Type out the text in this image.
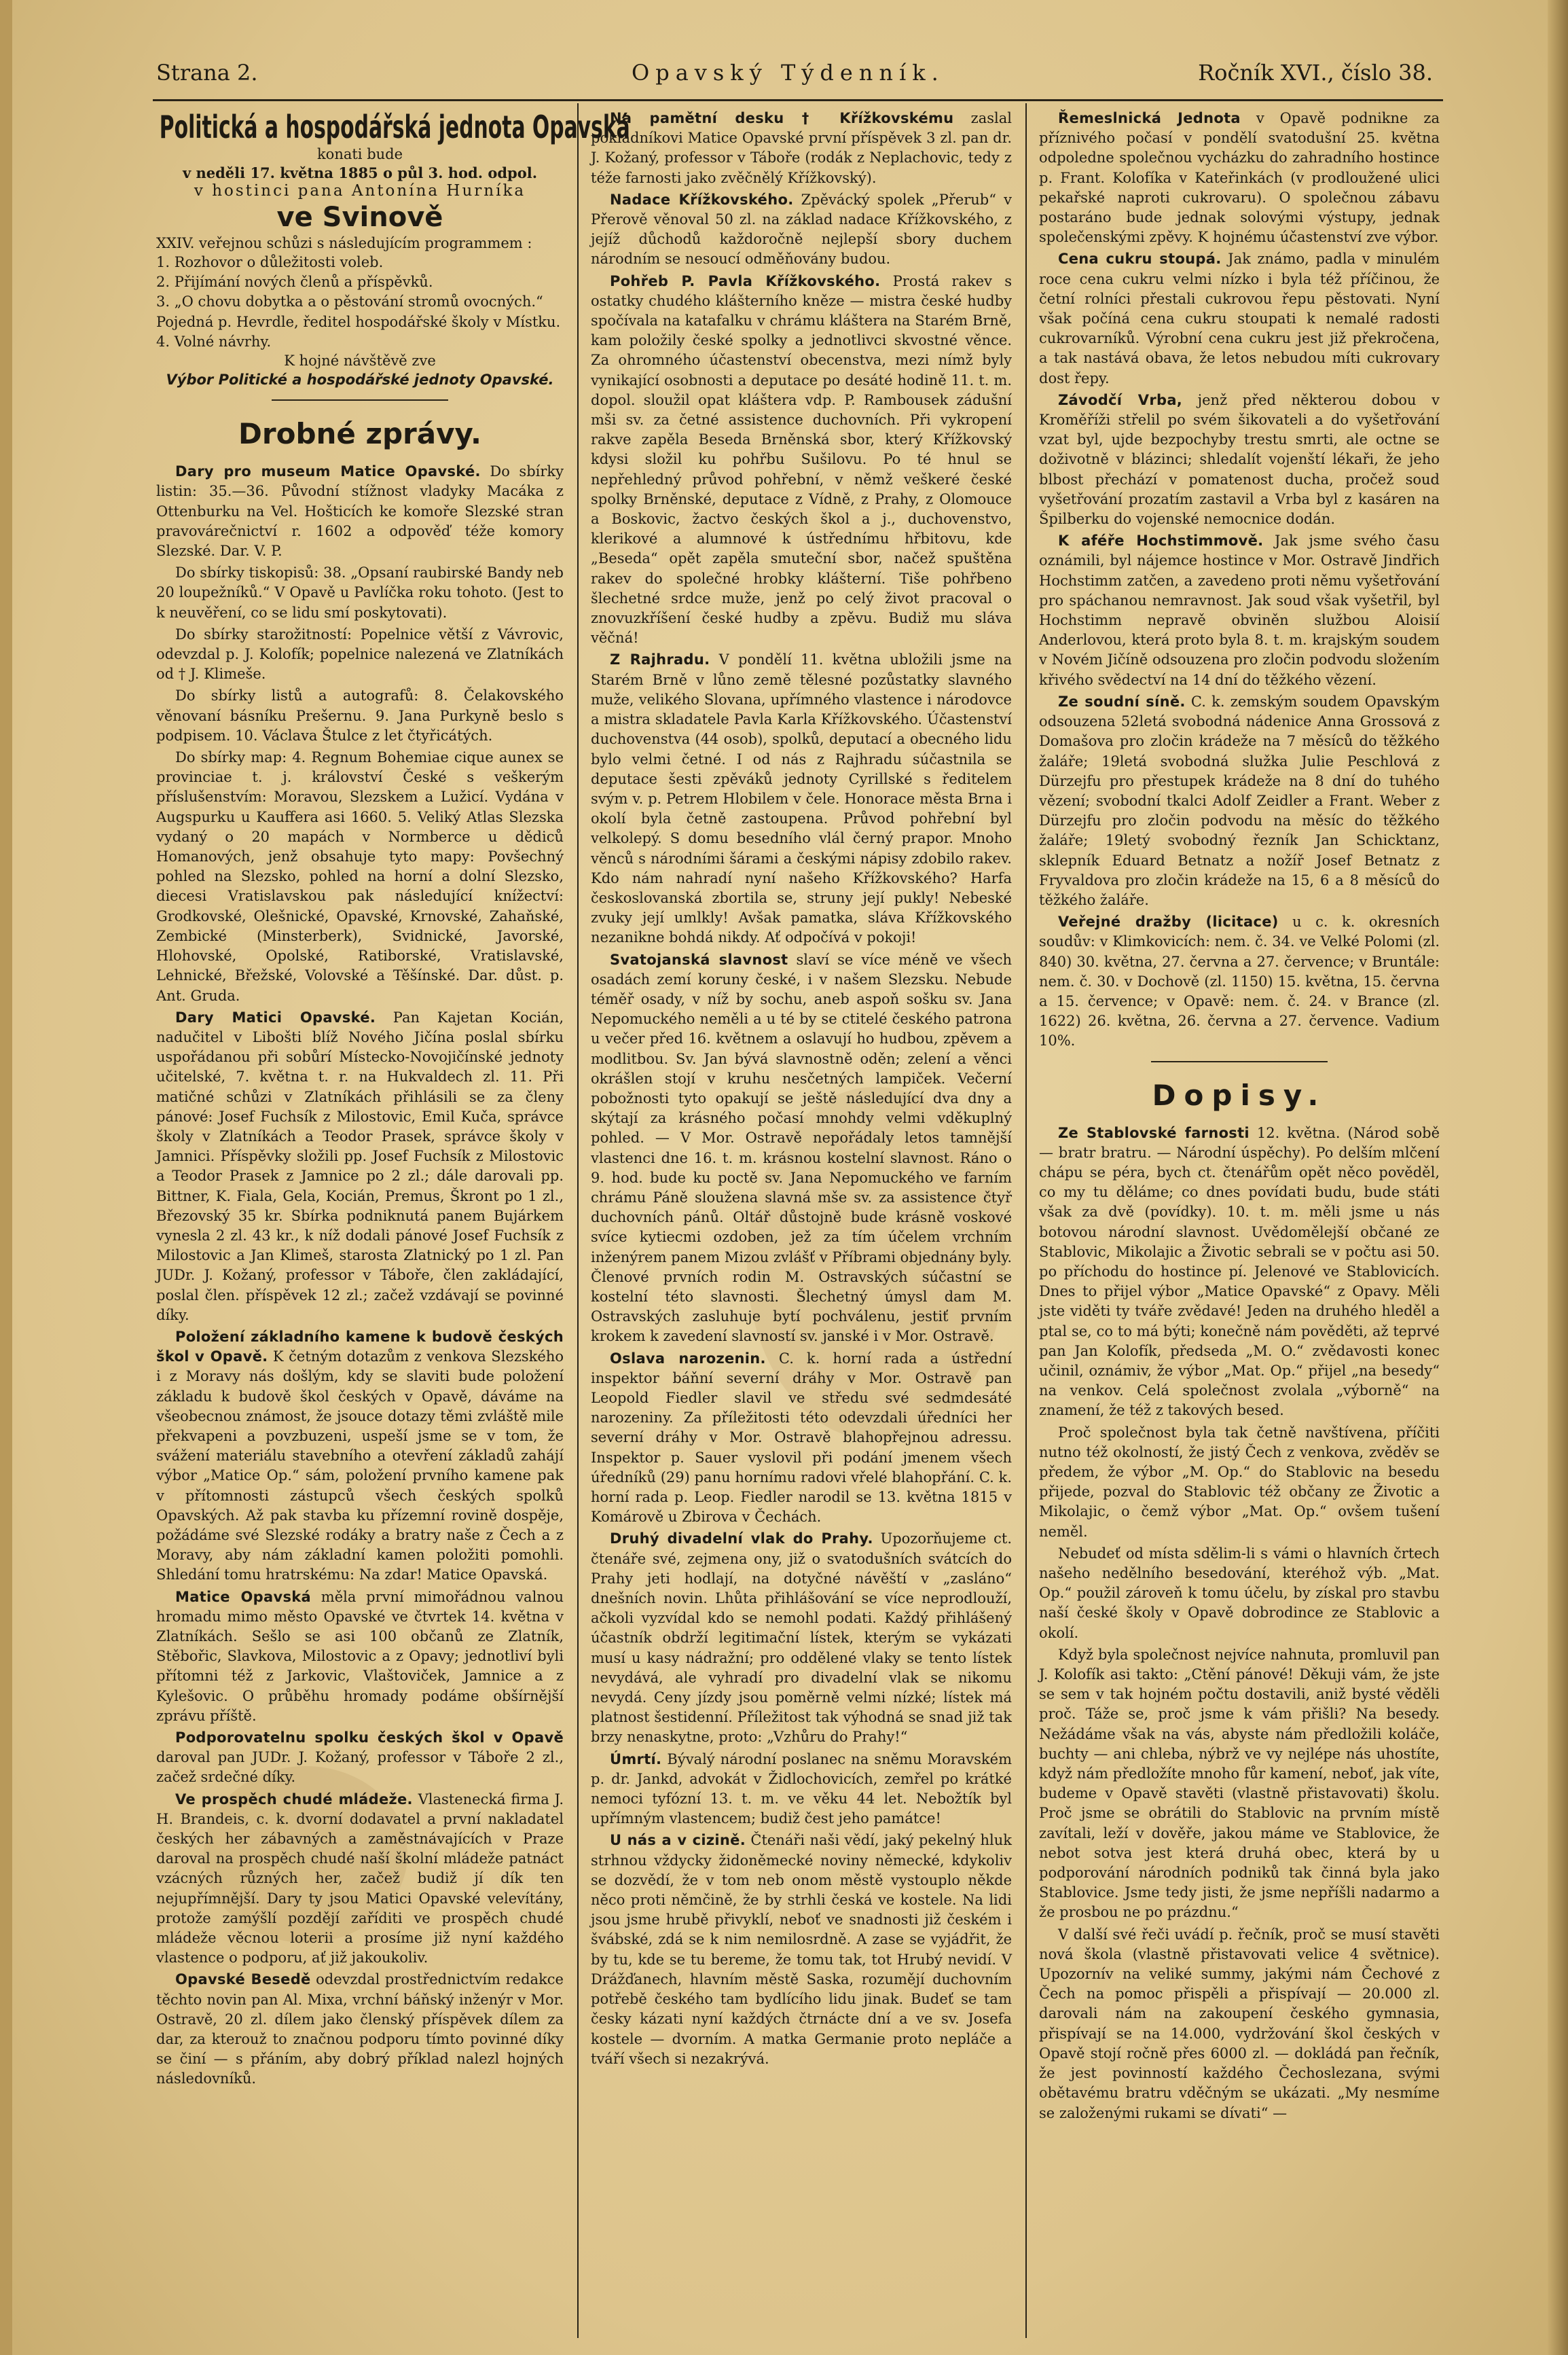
Strana 2.	Opavský Týdenník.	Ročník XVI., číslo 38.
Politická a hospodářská jednota Opavská
konati bude
v neděli 17. května 1885 o půl 3. hod. odpol.
v hostinci pana Antonína Hurníka
ve Svinově
XXIV. veřejnou schůzi s následujícím programmem :

1. Rozhovor o důležitosti voleb.

2. Přijímání nových členů a příspěvků.

3. „O chovu dobytka a o pěstování stromů ovocných.“ Pojedná p. Hevrdle, ředitel hospodářské školy v Místku.

4. Volné návrhy.

K hojné návštěvě zve
Výbor Politické a hospodářské jednoty Opavské.
Drobné zprávy.

Dary pro museum Matice Opavské. Do sbírky listin: 35.—36. Původní stížnost vladyky Macáka z Ottenburku na Vel. Hošticích ke komoře Slezské stran pravovárečnictví r. 1602 a odpověď téže komory Slezské. Dar. V. P.

Do sbírky tiskopisů: 38. „Opsaní raubirské Bandy neb 20 loupežníků.“ V Opavě u Pavlíčka roku tohoto. (Jest to k neuvěření, co se lidu smí poskytovati).

Do sbírky starožitností: Popelnice větší z Vávrovic, odevzdal p. J. Kolofík; popelnice nalezená ve Zlatníkách od † J. Klimeše.

Do sbírky listů a autografů: 8. Čelakovského věnovaní básníku Prešernu. 9. Jana Purkyně beslo s podpisem. 10. Václava Štulce z let čtyřicátých.

Do sbírky map: 4. Regnum Bohemiae cique aunex se provinciae t. j. království České s veškerým příslušenstvím: Moravou, Slezskem a Lužicí. Vydána v Augspurku u Kauffera asi 1660. 5. Veliký Atlas Slezska vydaný o 20 mapách v Normberce u dědiců Homanových, jenž obsahuje tyto mapy: Povšechný pohled na Slezsko, pohled na horní a dolní Slezsko, diecesi Vratislavskou pak následující knížectví: Grodkovské, Olešnické, Opavské, Krnovské, Zahaňské, Zembické (Minsterberk), Svidnické, Javorské, Hlohovské, Opolské, Ratiborské, Vratislavské, Lehnické, Břežské, Volovské a Těšínské. Dar. důst. p. Ant. Gruda.

Dary Matici Opavské. Pan Kajetan Kocián, nadučitel v Libošti blíž Nového Jičína poslal sbírku uspořádanou při sobůrí Místecko-Novojičínské jednoty učitelské, 7. května t. r. na Hukvaldech zl. 11. Při matičné schůzi v Zlatníkách přihlásili se za členy pánové: Josef Fuchsík z Milostovic, Emil Kuča, správce školy v Zlatníkách a Teodor Prasek, správce školy v Jamnici. Příspěvky složili pp. Josef Fuchsík z Milostovic a Teodor Prasek z Jamnice po 2 zl.; dále darovali pp. Bittner, K. Fiala, Gela, Kocián, Premus, Škront po 1 zl., Březovský 35 kr. Sbírka podniknutá panem Bujárkem vynesla 2 zl. 43 kr., k níž dodali pánové Josef Fuchsík z Milostovic a Jan Klimeš, starosta Zlatnický po 1 zl. Pan JUDr. J. Kožaný, professor v Táboře, člen zakládající, poslal člen. příspěvek 12 zl.; začež vzdávají se povinné díky.

Položení základního kamene k budově českých škol v Opavě. K četným dotazům z venkova Slezského i z Moravy nás došlým, kdy se slaviti bude položení základu k budově škol českých v Opavě, dáváme na všeobecnou známost, že jsouce dotazy těmi zvláště mile překvapeni a povzbuzeni, uspeší jsme se v tom, že svážení materiálu stavebního a otevření základů zahájí výbor „Matice Op.“ sám, položení prvního kamene pak v přítomnosti zástupců všech českých spolků Opavských. Až pak stavba ku přízemní rovině dospěje, požádáme své Slezské rodáky a bratry naše z Čech a z Moravy, aby nám základní kamen položiti pomohli. Shledání tomu hratrskému: Na zdar! Matice Opavská.

Matice Opavská měla první mimořádnou valnou hromadu mimo město Opavské ve čtvrtek 14. května v Zlatníkách. Sešlo se asi 100 občanů ze Zlatník, Stěbořic, Slavkova, Milostovic a z Opavy; jednotliví byli přítomni též z Jarkovic, Vlaštoviček, Jamnice a z Kylešovic. O průběhu hromady podáme obšírnější zprávu příště.

Podporovatelnu spolku českých škol v Opavě daroval pan JUDr. J. Kožaný, professor v Táboře 2 zl., začež srdečné díky.

Ve prospěch chudé mládeže. Vlastenecká firma J. H. Brandeis, c. k. dvorní dodavatel a první nakladatel českých her zábavných a zaměstnávajících v Praze daroval na prospěch chudé naší školní mládeže patnáct vzácných různých her, začež budiž jí dík ten nejupřímnější. Dary ty jsou Matici Opavské velevítány, protože zamýšlí pozdějí zaříditi ve prospěch chudé mládeže věcnou loterii a prosíme již nyní každého vlastence o podporu, ať již jakoukoliv.

Opavské Besedě odevzdal prostřednictvím redakce těchto novin pan Al. Mixa, vrchní báňský inženýr v Mor. Ostravě, 20 zl. dílem jako členský příspěvek dílem za dar, za kterouž to značnou podporu tímto povinné díky se činí — s přáním, aby dobrý příklad nalezl hojných následovníků.

Na pamětní desku † Křížkovskému zaslal pokladníkovi Matice Opavské první příspěvek 3 zl. pan dr. J. Kožaný, professor v Táboře (rodák z Neplachovic, tedy z téže farnosti jako zvěčnělý Křížkovský).

Nadace Křížkovského. Zpěvácký spolek „Přerub“ v Přerově věnoval 50 zl. na základ nadace Křížkovského, z jejíž důchodů každoročně nejlepší sbory duchem národním se nesoucí odměňovány budou.

Pohřeb P. Pavla Křížkovského. Prostá rakev s ostatky chudého klášterního kněze — mistra české hudby spočívala na katafalku v chrámu kláštera na Starém Brně, kam položily české spolky a jednotlivci skvostné věnce. Za ohromného účastenství obecenstva, mezi nímž byly vynikající osobnosti a deputace po desáté hodině 11. t. m. dopol. sloužil opat kláštera vdp. P. Rambousek zádušní mši sv. za četné assistence duchovních. Při vykropení rakve zapěla Beseda Brněnská sbor, který Křížkovský kdysi složil ku pohřbu Sušilovu. Po té hnul se nepřehledný průvod pohřební, v němž veškeré české spolky Brněnské, deputace z Vídně, z Prahy, z Olomouce a Boskovic, žactvo českých škol a j., duchovenstvo, klerikové a alumnové k ústřednímu hřbitovu, kde „Beseda“ opět zapěla smuteční sbor, načež spuštěna rakev do společné hrobky klášterní. Tiše pohřbeno šlechetné srdce muže, jenž po celý život pracoval o znovuzkříšení české hudby a zpěvu. Budiž mu sláva věčná!

Z Rajhradu. V pondělí 11. května ubložili jsme na Starém Brně v lůno země tělesné pozůstatky slavného muže, velikého Slovana, upřímného vlastence i národovce a mistra skladatele Pavla Karla Křížkovského. Účastenství duchovenstva (44 osob), spolků, deputací a obecného lidu bylo velmi četné. I od nás z Rajhradu súčastnila se deputace šesti zpěváků jednoty Cyrillské s ředitelem svým v. p. Petrem Hlobilem v čele. Honorace města Brna i okolí byla četně zastoupena. Průvod pohřební byl velkolepý. S domu besedního vlál černý prapor. Mnoho věnců s národními šárami a českými nápisy zdobilo rakev. Kdo nám nahradí nyní našeho Křížkovského? Harfa českoslovanská zbortila se, struny její pukly! Nebeské zvuky její umlkly! Avšak pamatka, sláva Křížkovského nezanikne bohdá nikdy. Ať odpočívá v pokoji!

Svatojanská slavnost slaví se více méně ve všech osadách zemí koruny české, i v našem Slezsku. Nebude téměř osady, v níž by sochu, aneb aspoň sošku sv. Jana Nepomuckého neměli a u té by se ctitelé českého patrona u večer před 16. květnem a oslavují ho hudbou, zpěvem a modlitbou. Sv. Jan bývá slavnostně oděn; zelení a věnci okrášlen stojí v kruhu nesčetných lampiček. Večerní pobožnosti tyto opakují se ještě následující dva dny a skýtají za krásného počasí mnohdy velmi vděkuplný pohled. — V Mor. Ostravě nepořádaly letos tamnější vlastenci dne 16. t. m. krásnou kostelní slavnost. Ráno o 9. hod. bude ku poctě sv. Jana Nepomuckého ve farním chrámu Páně sloužena slavná mše sv. za assistence čtyř duchovních pánů. Oltář důstojně bude krásně voskové svíce kytiecmi ozdoben, jež za tím účelem vrchním inženýrem panem Mizou zvlášť v Příbrami objednány byly. Členové prvních rodin M. Ostravských súčastní se kostelní této slavnosti. Šlechetný úmysl dam M. Ostravských zasluhuje bytí pochválenu, jestiť prvním krokem k zavedení slavností sv. janské i v Mor. Ostravě.

Oslava narozenin. C. k. horní rada a ústřední inspektor báňní severní dráhy v Mor. Ostravě pan Leopold Fiedler slavil ve středu své sedmdesáté narozeniny. Za příležitosti této odevzdali úředníci her severní dráhy v Mor. Ostravě blahopřejnou adressu. Inspektor p. Sauer vyslovil při podání jmenem všech úředníků (29) panu hornímu radovi vřelé blahopřání. C. k. horní rada p. Leop. Fiedler narodil se 13. května 1815 v Komárově u Zbirova v Čechách.

Druhý divadelní vlak do Prahy. Upozorňujeme ct. čtenáře své, zejmena ony, již o svatodušních svátcích do Prahy jeti hodlají, na dotyčné návěští v „zasláno“ dnešních novin. Lhůta přihlášování se více neprodlouží, ačkoli vyzvídal kdo se nemohl podati. Každý přihlášený účastník obdrží legitimační lístek, kterým se vykázati musí u kasy nádražní; pro oddělené vlaky se tento lístek nevydává, ale vyhradí pro divadelní vlak se nikomu nevydá. Ceny jízdy jsou poměrně velmi nízké; lístek má platnost šestidenní. Příležitost tak výhodná se snad již tak brzy nenaskytne, proto: „Vzhůru do Prahy!“

Úmrtí. Bývalý národní poslanec na sněmu Moravském p. dr. Jankd, advokát v Židlochovicích, zemřel po krátké nemoci tyfózní 13. t. m. ve věku 44 let. Nebožtík byl upřímným vlastencem; budiž čest jeho památce!

U nás a v cizině. Čtenáři naši vědí, jaký pekelný hluk strhnou vždycky židoněmecké noviny německé, kdykoliv se dozvědí, že v tom neb onom městě vystouplo někde něco proti němčině, že by strhli česká ve kostele. Na lidi jsou jsme hrubě přivyklí, neboť ve snadnosti již českém i švábské, zdá se k nim nemilosrdně. A zase se vyjádřit, že by tu, kde se tu bereme, že tomu tak, tot Hrubý nevidí. V Drážďanech, hlavním městě Saska, rozumějí duchovním potřebě českého tam bydlícího lidu jinak. Budeť se tam česky kázati nyní každých čtrnácte dní a ve sv. Josefa kostele — dvorním. A matka Germanie proto nepláče a tváří všech si nezakrývá.

Řemeslnická Jednota v Opavě podnikne za příznivého počasí v pondělí svatodušní 25. května odpoledne společnou vycházku do zahradního hostince p. Frant. Kolofíka v Kateřinkách (v prodloužené ulici pekařské naproti cukrovaru). O společnou zábavu postaráno bude jednak solovými výstupy, jednak společenskými zpěvy. K hojnému účastenství zve výbor.

Cena cukru stoupá. Jak známo, padla v minulém roce cena cukru velmi nízko i byla též příčinou, že četní rolníci přestali cukrovou řepu pěstovati. Nyní však počíná cena cukru stoupati k nemalé radosti cukrovarníků. Výrobní cena cukru jest již překročena, a tak nastává obava, že letos nebudou míti cukrovary dost řepy.

Závodčí Vrba, jenž před některou dobou v Kroměříži střelil po svém šikovateli a do vyšetřování vzat byl, ujde bezpochyby trestu smrti, ale octne se doživotně v blázinci; shledalít vojenští lékaři, že jeho blbost přechází v pomatenost ducha, pročež soud vyšetřování prozatím zastavil a Vrba byl z kasáren na Špilberku do vojenské nemocnice dodán.

K aféře Hochstimmově. Jak jsme svého času oznámili, byl nájemce hostince v Mor. Ostravě Jindřich Hochstimm zatčen, a zavedeno proti němu vyšetřování pro spáchanou nemravnost. Jak soud však vyšetřil, byl Hochstimm nepravě obviněn službou Aloisií Anderlovou, která proto byla 8. t. m. krajským soudem v Novém Jičíně odsouzena pro zločin podvodu složením křivého svědectví na 14 dní do těžkého vězení.

Ze soudní síně. C. k. zemským soudem Opavským odsouzena 52letá svobodná nádenice Anna Grossová z Domašova pro zločin krádeže na 7 měsíců do těžkého žaláře; 19letá svobodná služka Julie Peschlová z Dürzejfu pro přestupek krádeže na 8 dní do tuhého vězení; svobodní tkalci Adolf Zeidler a Frant. Weber z Dürzejfu pro zločin podvodu na měsíc do těžkého žaláře; 19letý svobodný řezník Jan Schicktanz, sklepník Eduard Betnatz a nožíř Josef Betnatz z Fryvaldova pro zločin krádeže na 15, 6 a 8 měsíců do těžkého žaláře.

Veřejné dražby (licitace) u c. k. okresních soudův: v Klimkovicích: nem. č. 34. ve Velké Polomi (zl. 840) 30. května, 27. června a 27. července; v Bruntále: nem. č. 30. v Dochově (zl. 1150) 15. května, 15. června a 15. července; v Opavě: nem. č. 24. v Brance (zl. 1622) 26. května, 26. června a 27. července. Vadium 10%.

Dopisy.

Ze Stablovské farnosti 12. května. (Národ sobě — bratr bratru. — Národní úspěchy). Po delším mlčení chápu se péra, bych ct. čtenářům opět něco pověděl, co my tu děláme; co dnes povídati budu, bude státi však za dvě (povídky). 10. t. m. měli jsme u nás botovou národní slavnost. Uvědomělejší občané ze Stablovic, Mikolajic a Životic sebrali se v počtu asi 50. po příchodu do hostince pí. Jelenové ve Stablovicích. Dnes to přijel výbor „Matice Opavské“ z Opavy. Měli jste viděti ty tváře zvědavé! Jeden na druhého hleděl a ptal se, co to má býti; konečně nám pověděti, až teprvé pan Jan Kolofík, předseda „M. O.“ zvědavosti konec učinil, oznámiv, že výbor „Mat. Op.“ přijel „na besedy“ na venkov. Celá společnost zvolala „výborně“ na znamení, že též z takových besed.

Proč společnost byla tak četně navštívena, příčiti nutno též okolností, že jistý Čech z venkova, zvěděv se předem, že výbor „M. Op.“ do Stablovic na besedu přijede, pozval do Stablovic též občany ze Životic a Mikolajic, o čemž výbor „Mat. Op.“ ovšem tušení neměl.

Nebudeť od místa sdělim-li s vámi o hlavních črtech našeho nedělního besedování, kteréhož výb. „Mat. Op.“ použil zároveň k tomu účelu, by získal pro stavbu naší české školy v Opavě dobrodince ze Stablovic a okolí.

Když byla společnost nejvíce nahnuta, promluvil pan J. Kolofík asi takto: „Ctění pánové! Děkuji vám, že jste se sem v tak hojném počtu dostavili, aniž bysté věděli proč. Táže se, proč jsme k vám přišli? Na besedy. Nežádáme však na vás, abyste nám předložili koláče, buchty — ani chleba, nýbrž ve vy nejlépe nás uhostíte, když nám předložíte mnoho fůr kamení, neboť, jak víte, budeme v Opavě stavěti (vlastně přistavovati) školu. Proč jsme se obrátili do Stablovic na prvním místě zavítali, leží v dověře, jakou máme ve Stablovice, že nebot sotva jest která druhá obec, která by u podporování národních podniků tak činná byla jako Stablovice. Jsme tedy jisti, že jsme nepříšli nadarmo a že prosbou ne po prázdnu.“

V další své řeči uvádí p. řečník, proč se musí stavěti nová škola (vlastně přistavovati velice 4 světnice). Upozornív na veliké summy, jakými nám Čechové z Čech na pomoc přispěli a přispívají — 20.000 zl. darovali nám na zakoupení českého gymnasia, přispívají se na 14.000, vydržování škol českých v Opavě stojí ročně přes 6000 zl. — dokládá pan řečník, že jest povinností každého Čechoslezana, svými obětavému bratru vděčným se ukázati. „My nesmíme se založenými rukami se dívati“ —
